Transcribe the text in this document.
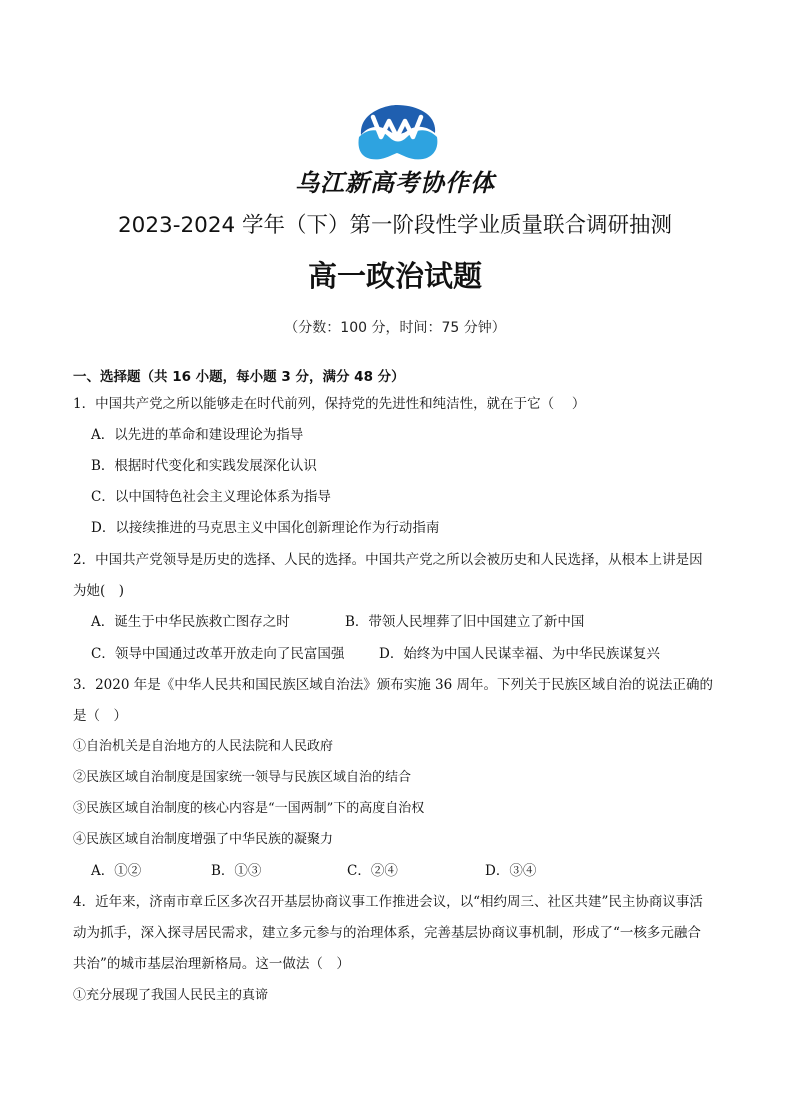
乌江新高考协作体
2023-2024 学年（下）第一阶段性学业质量联合调研抽测
高一政治试题
（分数：100 分，时间：75 分钟）
一、选择题（共 16 小题，每小题 3 分，满分 48 分）
1．中国共产党之所以能够走在时代前列，保持党的先进性和纯洁性，就在于它（　 ）
A．以先进的革命和建设理论为指导
B．根据时代变化和实践发展深化认识
C．以中国特色社会主义理论体系为指导
D．以接续推进的马克思主义中国化创新理论作为行动指南
2．中国共产党领导是历史的选择、人民的选择。中国共产党之所以会被历史和人民选择，从根本上讲是因
为她(　)
A．诞生于中华民族救亡图存之时	B．带领人民埋葬了旧中国建立了新中国
C．领导中国通过改革开放走向了民富国强	D．始终为中国人民谋幸福、为中华民族谋复兴
3．2020 年是《中华人民共和国民族区域自治法》颁布实施 36 周年。下列关于民族区域自治的说法正确的
是（　）
①自治机关是自治地方的人民法院和人民政府
②民族区域自治制度是国家统一领导与民族区域自治的结合
③民族区域自治制度的核心内容是“一国两制”下的高度自治权
④民族区域自治制度增强了中华民族的凝聚力
A．①②	B．①③	C．②④	D．③④
4．近年来，济南市章丘区多次召开基层协商议事工作推进会议，以“相约周三、社区共建”民主协商议事活
动为抓手，深入探寻居民需求，建立多元参与的治理体系，完善基层协商议事机制，形成了“一核多元融合
共治”的城市基层治理新格局。这一做法（　）
①充分展现了我国人民民主的真谛
